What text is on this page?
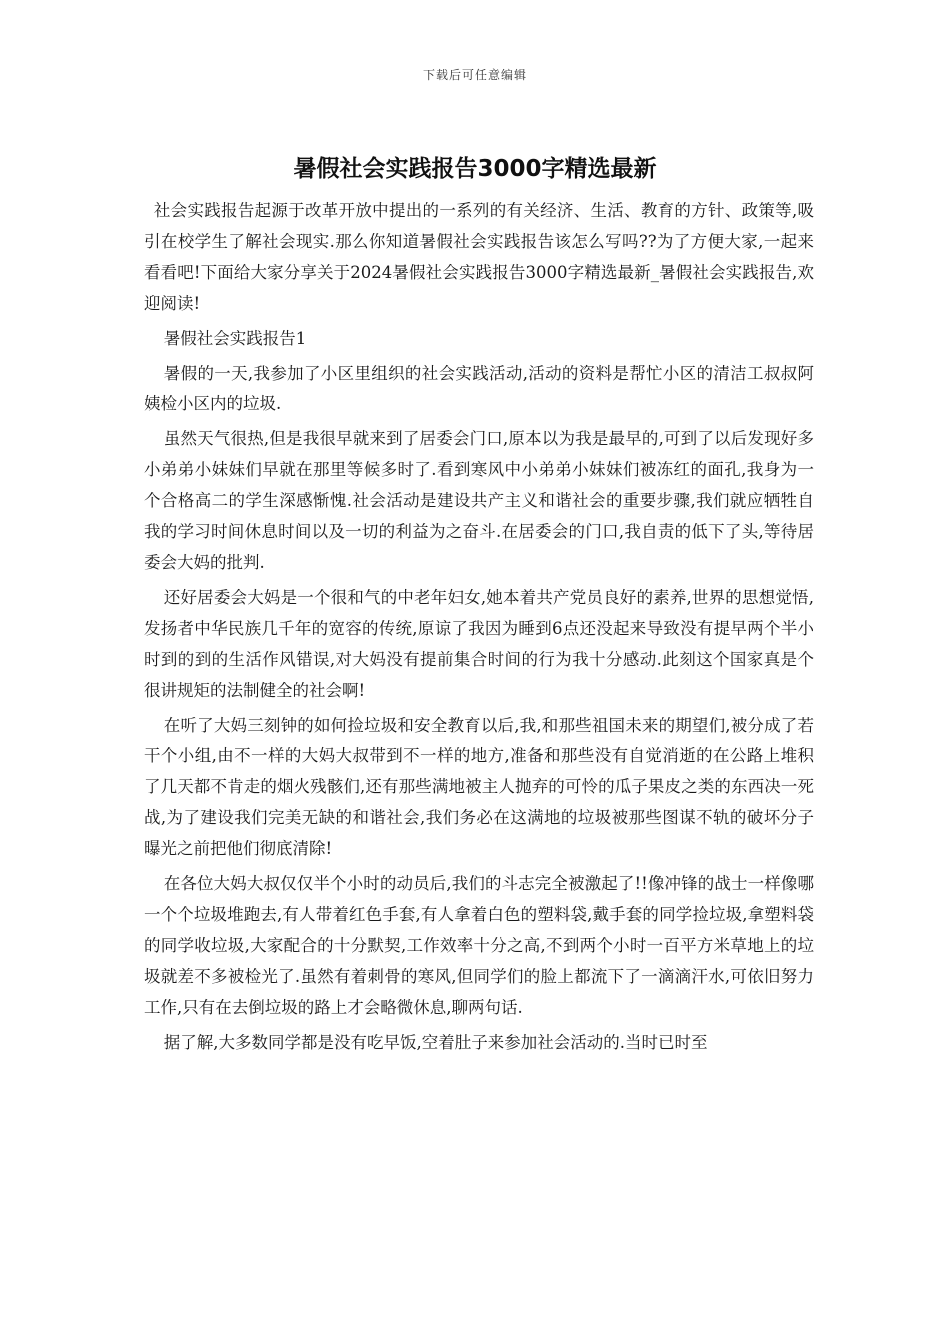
下载后可任意编辑
暑假社会实践报告3000字精选最新

社会实践报告起源于改革开放中提出的一系列的有关经济、生活、教育的方针、政策等,吸引在校学生了解社会现实.那么你知道暑假社会实践报告该怎么写吗??为了方便大家,一起来看看吧!下面给大家分享关于2024暑假社会实践报告3000字精选最新_暑假社会实践报告,欢迎阅读!

暑假社会实践报告1

暑假的一天,我参加了小区里组织的社会实践活动,活动的资料是帮忙小区的清洁工叔叔阿姨检小区内的垃圾.

虽然天气很热,但是我很早就来到了居委会门口,原本以为我是最早的,可到了以后发现好多小弟弟小妹妹们早就在那里等候多时了.看到寒风中小弟弟小妹妹们被冻红的面孔,我身为一个合格高二的学生深感惭愧.社会活动是建设共产主义和谐社会的重要步骤,我们就应牺牲自我的学习时间休息时间以及一切的利益为之奋斗.在居委会的门口,我自责的低下了头,等待居委会大妈的批判.

还好居委会大妈是一个很和气的中老年妇女,她本着共产党员良好的素养,世界的思想觉悟,发扬者中华民族几千年的宽容的传统,原谅了我因为睡到6点还没起来导致没有提早两个半小时到的到的生活作风错误,对大妈没有提前集合时间的行为我十分感动.此刻这个国家真是个很讲规矩的法制健全的社会啊!

在听了大妈三刻钟的如何捡垃圾和安全教育以后,我,和那些祖国未来的期望们,被分成了若干个小组,由不一样的大妈大叔带到不一样的地方,准备和那些没有自觉消逝的在公路上堆积了几天都不肯走的烟火残骸们,还有那些满地被主人抛弃的可怜的瓜子果皮之类的东西决一死战,为了建设我们完美无缺的和谐社会,我们务必在这满地的垃圾被那些图谋不轨的破坏分子曝光之前把他们彻底清除!

在各位大妈大叔仅仅半个小时的动员后,我们的斗志完全被激起了!!像冲锋的战士一样像哪一个个垃圾堆跑去,有人带着红色手套,有人拿着白色的塑料袋,戴手套的同学捡垃圾,拿塑料袋的同学收垃圾,大家配合的十分默契,工作效率十分之高,不到两个小时一百平方米草地上的垃圾就差不多被检光了.虽然有着刺骨的寒风,但同学们的脸上都流下了一滴滴汗水,可依旧努力工作,只有在去倒垃圾的路上才会略微休息,聊两句话.

据了解,大多数同学都是没有吃早饭,空着肚子来参加社会活动的.当时已时至
